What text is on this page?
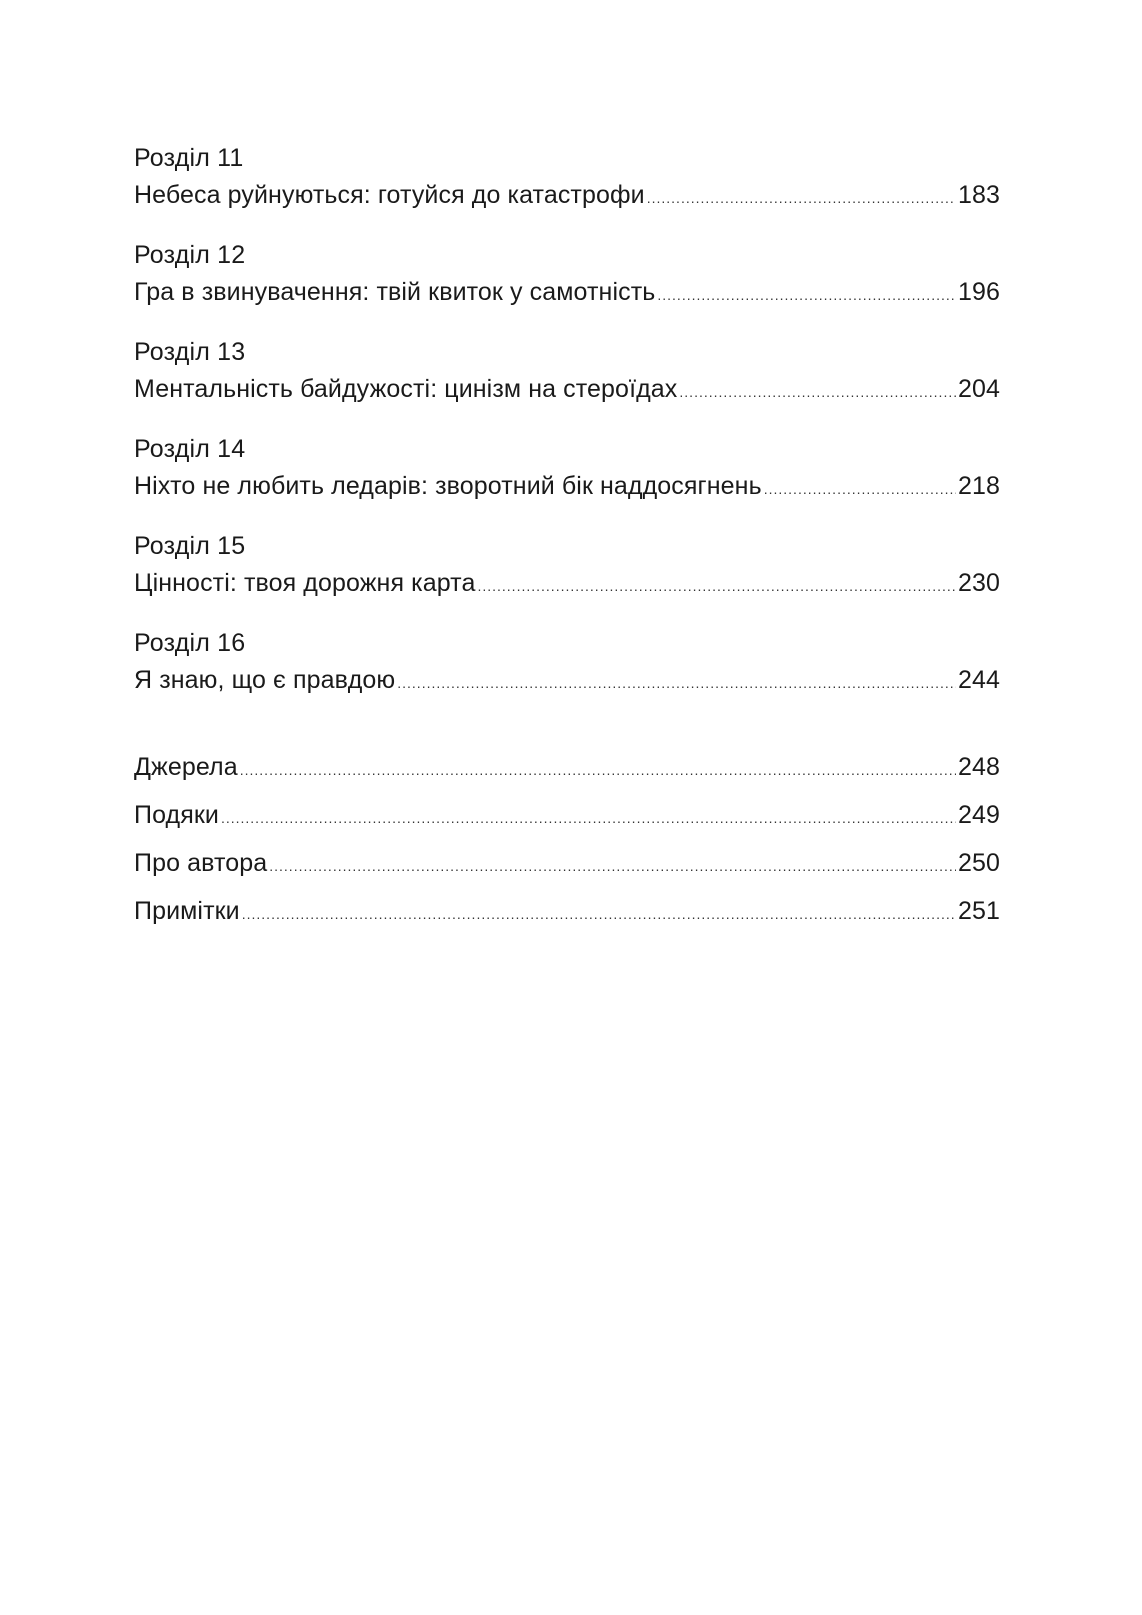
Розділ 11
Небеса руйнуються: готуйся до катастрофи .....	183
Розділ 12
Гра в звинувачення: твій квиток у самотність .....	196
Розділ 13
Ментальність байдужості: цинізм на стероїдах .....	204
Розділ 14
Ніхто не любить ледарів: зворотний бік наддосягнень .....	218
Розділ 15
Цінності: твоя дорожня карта .....	230
Розділ 16
Я знаю, що є правдою .....	244
Джерела .....	248
Подяки .....	249
Про автора .....	250
Примітки .....	251
